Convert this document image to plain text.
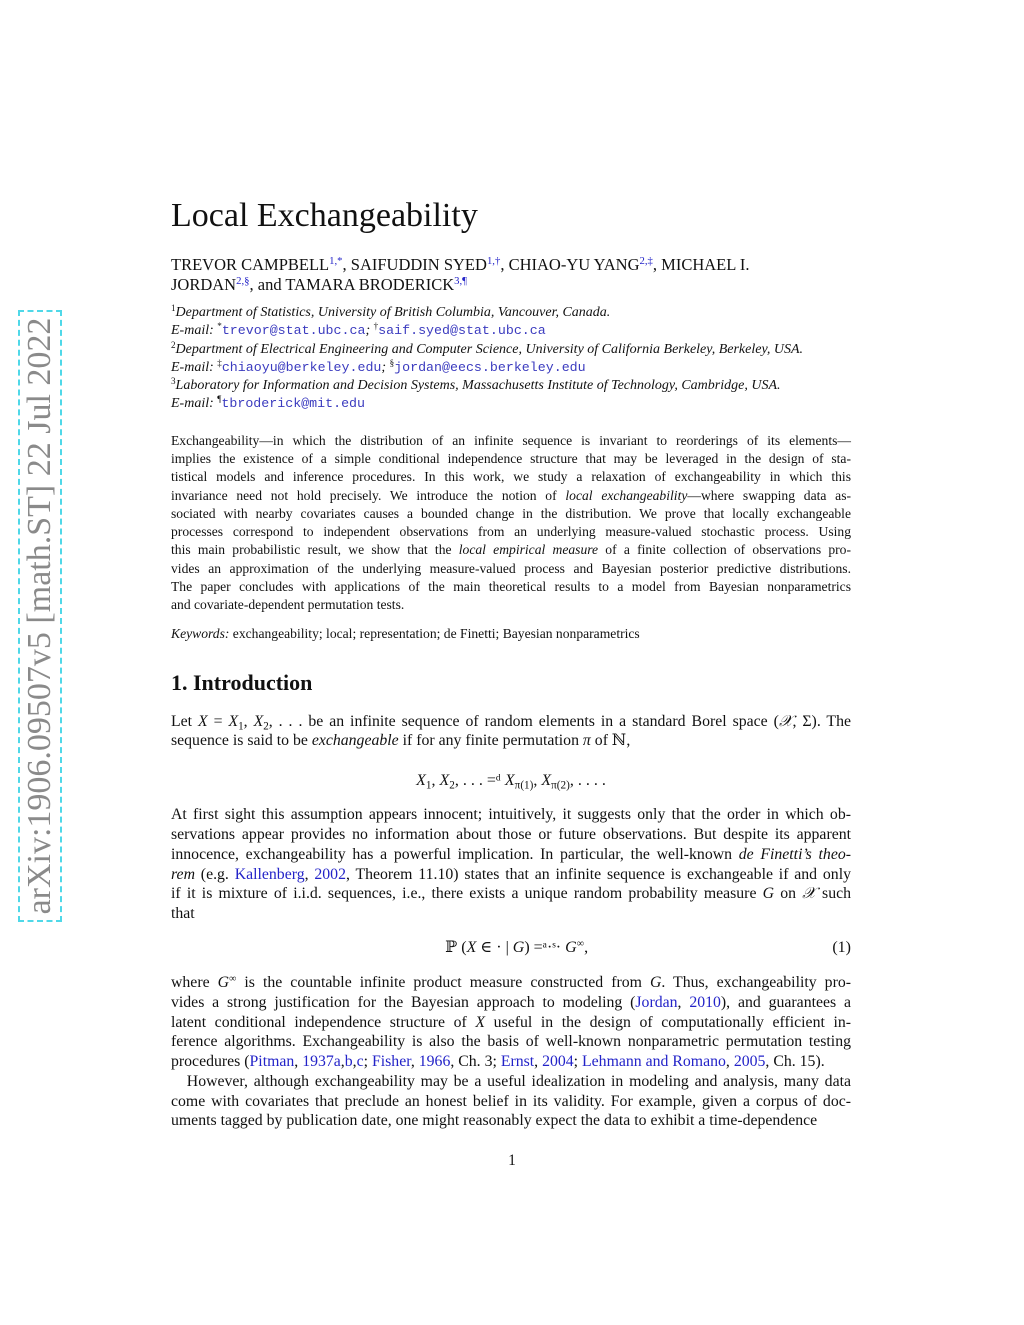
arXiv:1906.09507v5 [math.ST] 22 Jul 2022
Local Exchangeability
TREVOR $CAMPBELL^{1,*}$, SAIFUDDIN $SYED^{1,\dagger}$, CHIAO-YU $YANG^{2,\ddagger}$, MICHAEL I.
$JORDAN^{2,\S}$, and TAMARA $BRODERICK^{3,\P}$
$^1$Department of Statistics, University of British Columbia, Vancouver, Canada.
E-mail: *trevor@stat.ubc.ca; †saif.syed@stat.ubc.ca
$^2$Department of Electrical Engineering and Computer Science, University of California Berkeley, Berkeley, USA.
E-mail: ‡chiaoyu@berkeley.edu; §jordan@eecs.berkeley.edu
$^3$Laboratory for Information and Decision Systems, Massachusetts Institute of Technology, Cambridge, USA.
E-mail: ¶tbroderick@mit.edu
Exchangeability—in which the distribution of an infinite sequence is invariant to reorderings of its elements—
implies the existence of a simple conditional independence structure that may be leveraged in the design of sta-
tistical models and inference procedures. In this work, we study a relaxation of exchangeability in which this
invariance need not hold precisely. We introduce the notion of local exchangeability—where swapping data as-
sociated with nearby covariates causes a bounded change in the distribution. We prove that locally exchangeable
processes correspond to independent observations from an underlying measure-valued stochastic process. Using
this main probabilistic result, we show that the local empirical measure of a finite collection of observations pro-
vides an approximation of the underlying measure-valued process and Bayesian posterior predictive distributions.
The paper concludes with applications of the main theoretical results to a model from Bayesian nonparametrics
and covariate-dependent permutation tests.
Keywords: exchangeability; local; representation; de Finetti; Bayesian nonparametrics
1. Introduction
Let $X = X_1$, $X_2$, . . . be an infinite sequence of random elements in a standard Borel space (𝒳, Σ). The
sequence is said to be exchangeable if for any finite permutation π of ℕ,
$X_1$, $X_2$, . . . =ᵈ $X_{\pi(1)}$, $X_{\pi(2)}$, . . . .
At first sight this assumption appears innocent; intuitively, it suggests only that the order in which ob-
servations appear provides no information about those or future observations. But despite its apparent
innocence, exchangeability has a powerful implication. In particular, the well-known de Finetti’s theo-
rem (e.g. Kallenberg, 2002, Theorem 11.10) states that an infinite sequence is exchangeable if and only
if it is mixture of i.i.d. sequences, i.e., there exists a unique random probability measure G on 𝒳 such
that
ℙ (X ∈ · | G) =ᵃ·ˢ· G∞,	(1)
where G∞ is the countable infinite product measure constructed from G. Thus, exchangeability pro-
vides a strong justification for the Bayesian approach to modeling (Jordan, 2010), and guarantees a
latent conditional independence structure of X useful in the design of computationally efficient in-
ference algorithms. Exchangeability is also the basis of well-known nonparametric permutation testing
procedures (Pitman, 1937a,b,c; Fisher, 1966, Ch. 3; Ernst, 2004; Lehmann and Romano, 2005, Ch. 15).
 However, although exchangeability may be a useful idealization in modeling and analysis, many data
come with covariates that preclude an honest belief in its validity. For example, given a corpus of doc-
uments tagged by publication date, one might reasonably expect the data to exhibit a time-dependence
1
